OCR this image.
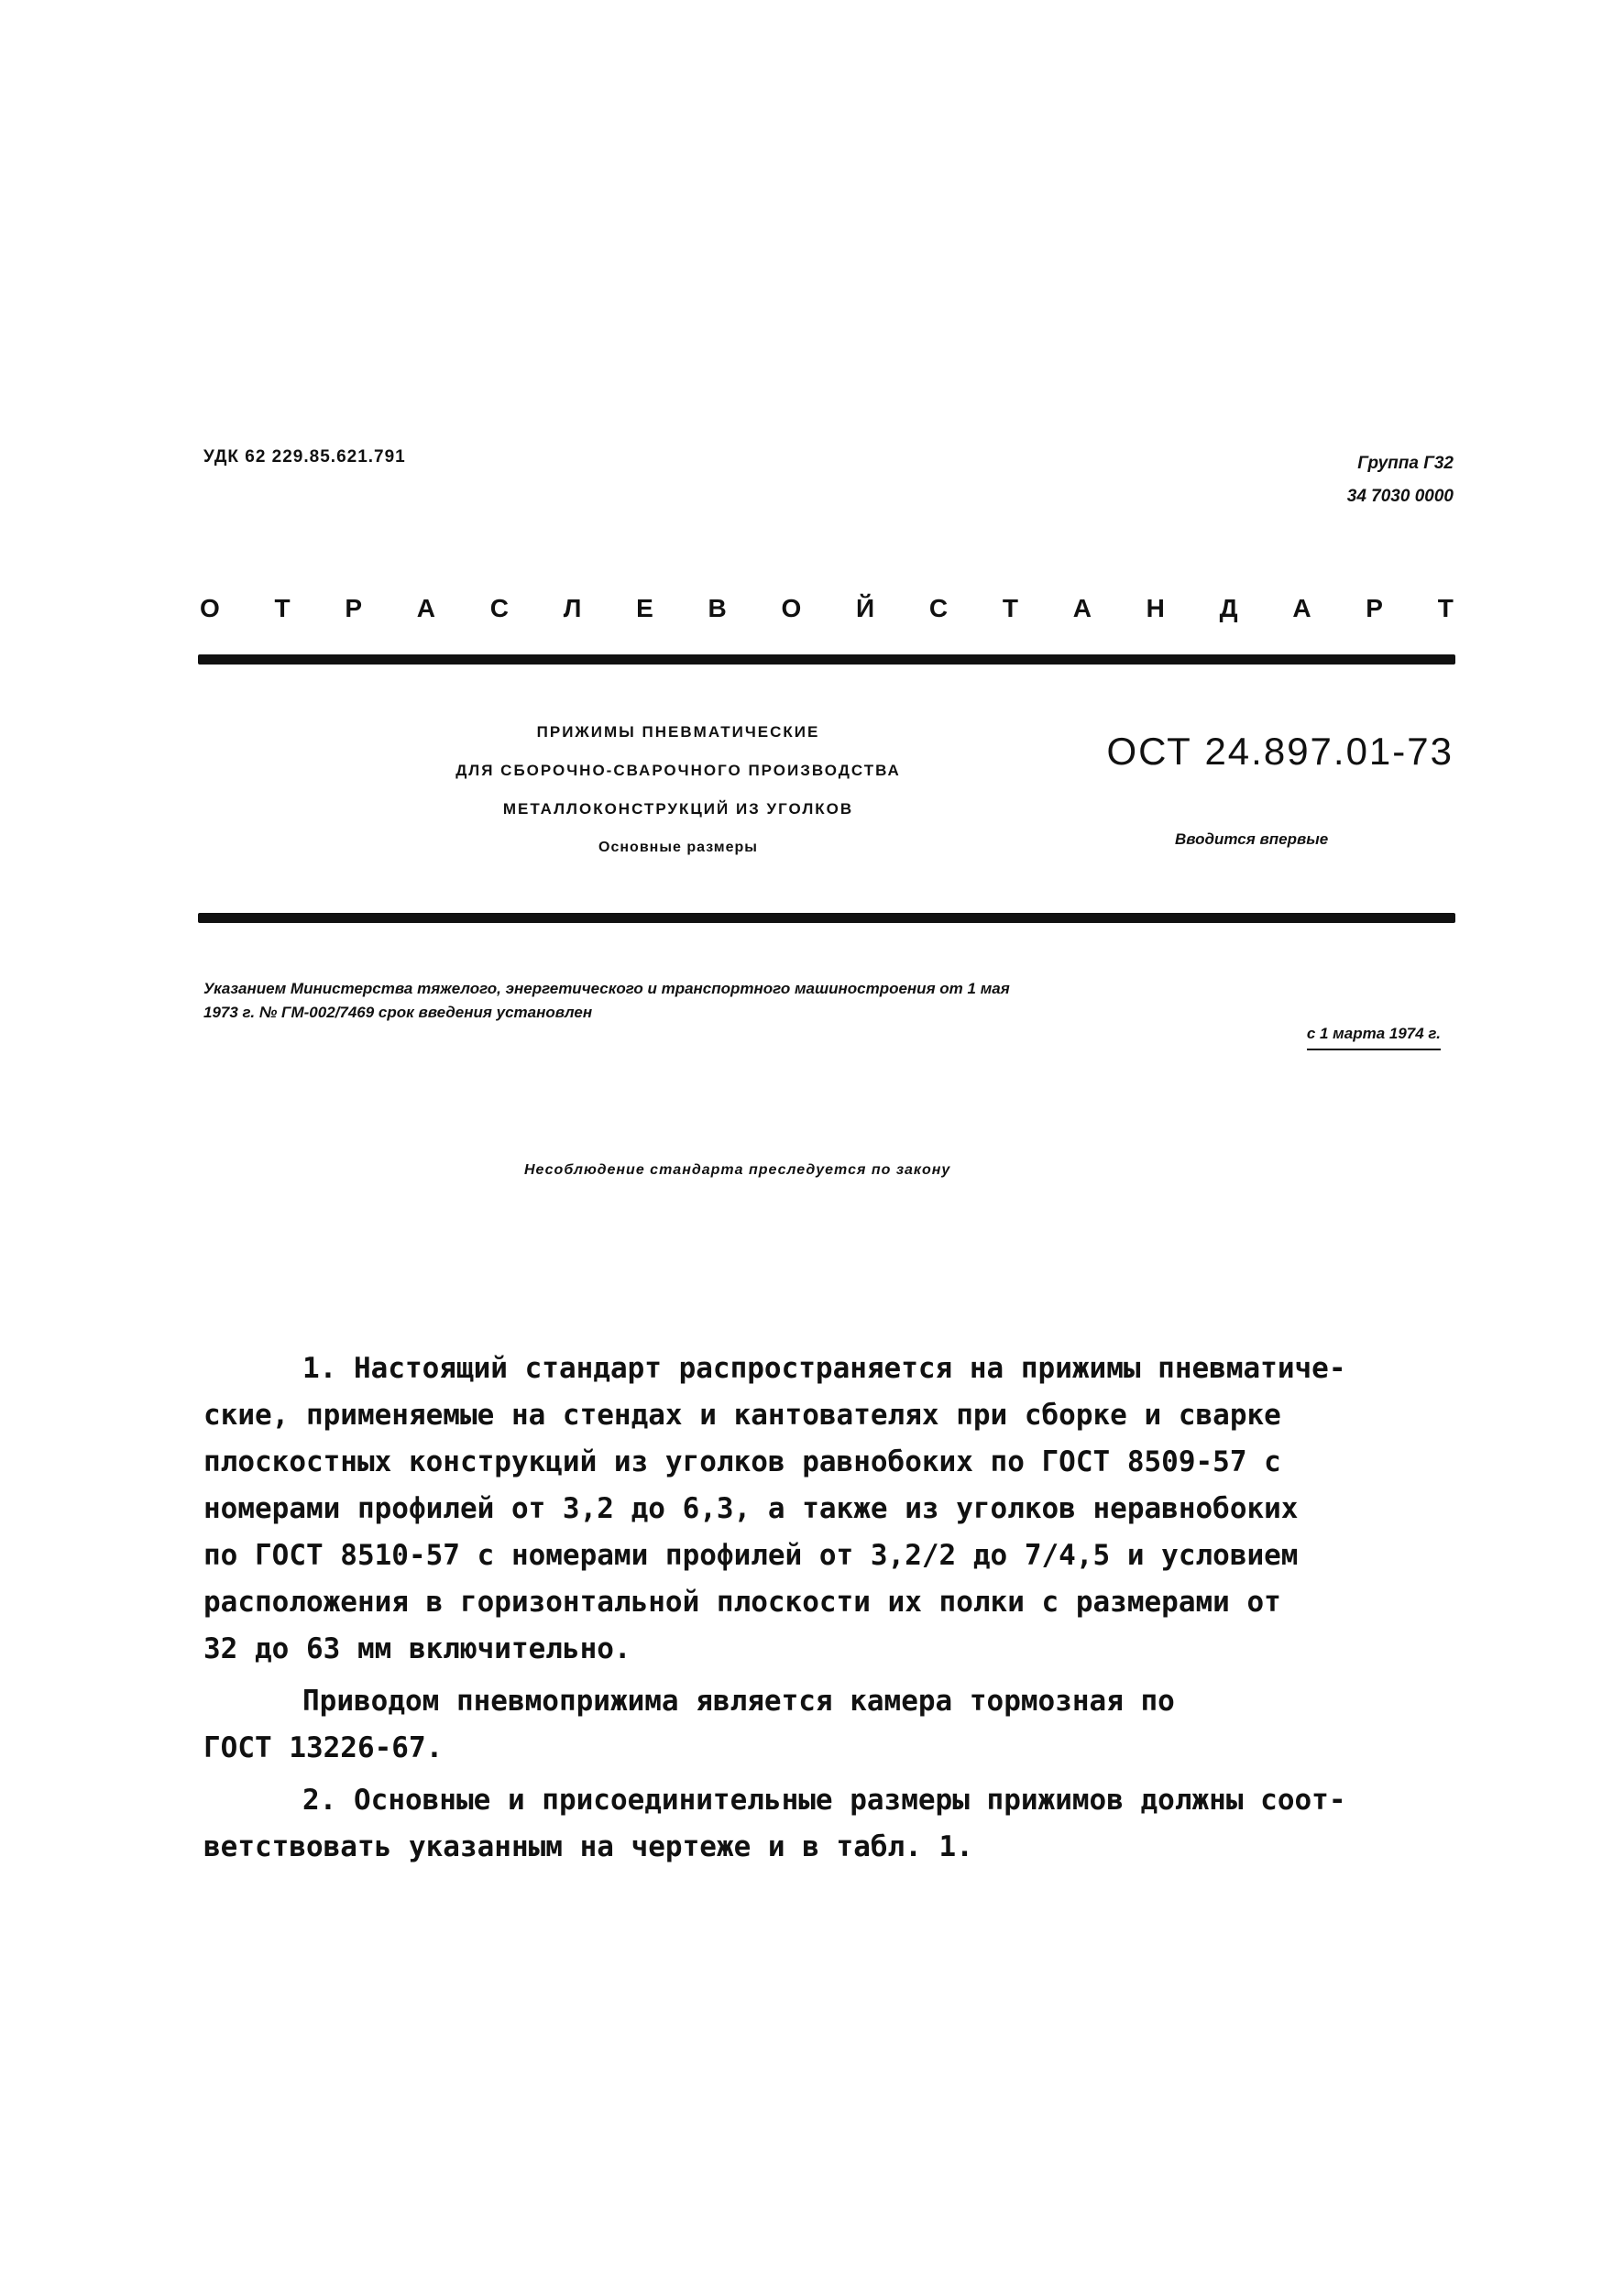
УДК 62 229.85.621.791	Группа Г32
34 7030 0000
О Т Р А С Л Е В О Й С Т А Н Д А Р Т
ПРИЖИМЫ ПНЕВМАТИЧЕСКИЕ
ДЛЯ СБОРОЧНО-СВАРОЧНОГО ПРОИЗВОДСТВА
МЕТАЛЛОКОНСТРУКЦИЙ ИЗ УГОЛКОВ
Основные размеры
ОСТ 24.897.01-73
Вводится впервые
Указанием Министерства тяжелого, энергетического и транспортного машиностроения от 1 мая
1973 г. № ГМ-002/7469 срок введения установлен
с 1 марта 1974 г.
Несоблюдение стандарта преследуется по закону

1. Настоящий стандарт распространяется на прижимы пневматиче-
ские, применяемые на стендах и кантователях при сборке и сварке
плоскостных конструкций из уголков равнобоких по ГОСТ 8509-57 с
номерами профилей от 3,2 до 6,3, а также из уголков неравнобоких
по ГОСТ 8510-57 с номерами профилей от 3,2/2 до 7/4,5 и условием
расположения в горизонтальной плоскости их полки с размерами от
32 до 63 мм включительно.

Приводом пневмоприжима является камера тормозная по
ГОСТ 13226-67.

2. Основные и присоединительные размеры прижимов должны соот-
ветствовать указанным на чертеже и в табл. 1.
